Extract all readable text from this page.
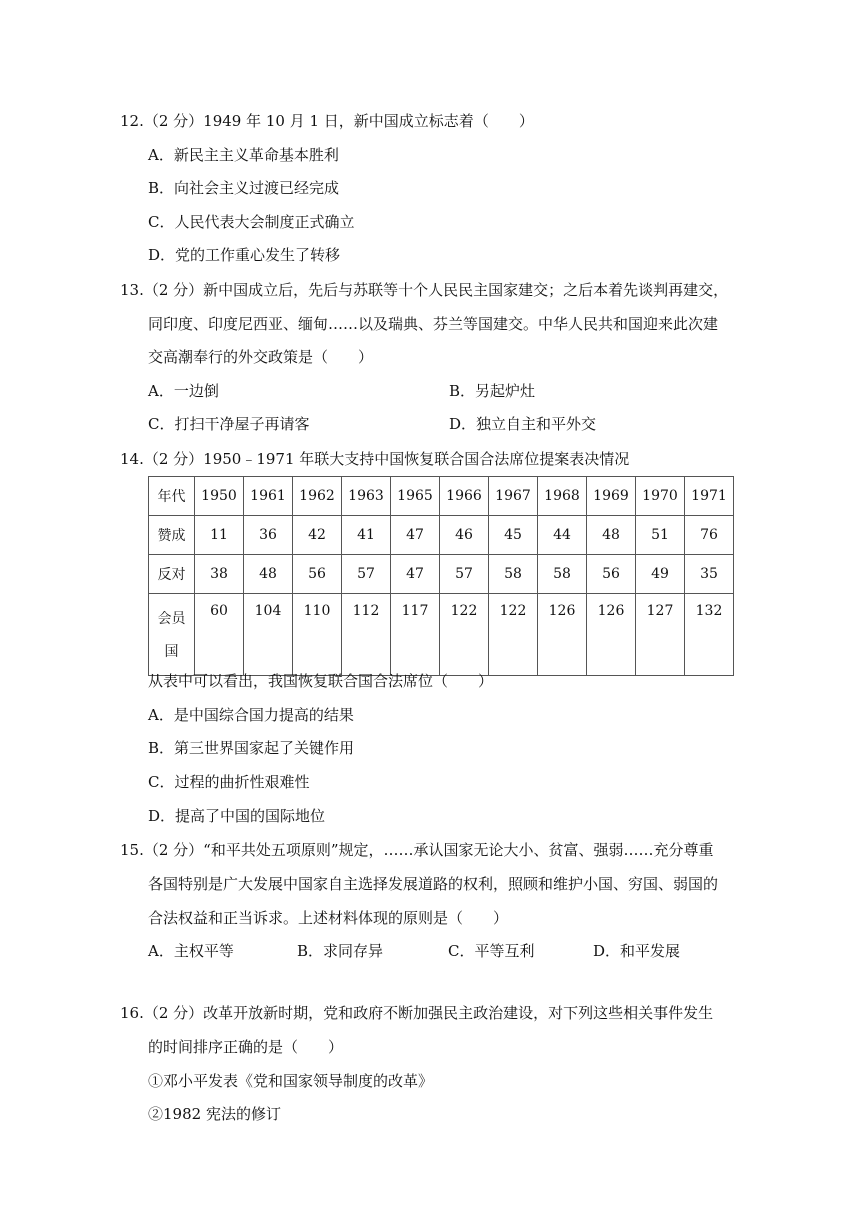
12.（2 分）1949 年 10 月 1 日，新中国成立标志着（　　）
A．新民主主义革命基本胜利
B．向社会主义过渡已经完成
C．人民代表大会制度正式确立
D．党的工作重心发生了转移
13.（2 分）新中国成立后，先后与苏联等十个人民民主国家建交；之后本着先谈判再建交，
同印度、印度尼西亚、缅甸……以及瑞典、芬兰等国建交。中华人民共和国迎来此次建
交高潮奉行的外交政策是（　　）
A．一边倒	B．另起炉灶
C．打扫干净屋子再请客	D．独立自主和平外交
14.（2 分）1950﹣1971 年联大支持中国恢复联合国合法席位提案表决情况
年代	1950	1961	1962	1963	1965	1966	1967	1968	1969	1970	1971
赞成	11	36	42	41	47	46	45	44	48	51	76
反对	38	48	56	57	47	57	58	58	56	49	35

会员国	60	104	110	112	117	122	122	126	126	127	132
从表中可以看出，我国恢复联合国合法席位（　　）
A．是中国综合国力提高的结果
B．第三世界国家起了关键作用
C．过程的曲折性艰难性
D．提高了中国的国际地位
15.（2 分）“和平共处五项原则”规定，……承认国家无论大小、贫富、强弱……充分尊重
各国特别是广大发展中国家自主选择发展道路的权利，照顾和维护小国、穷国、弱国的
合法权益和正当诉求。上述材料体现的原则是（　　）
A．主权平等	B．求同存异	C．平等互利	D．和平发展
16.（2 分）改革开放新时期，党和政府不断加强民主政治建设，对下列这些相关事件发生
的时间排序正确的是（　　）
①邓小平发表《党和国家领导制度的改革》
②1982 宪法的修订
